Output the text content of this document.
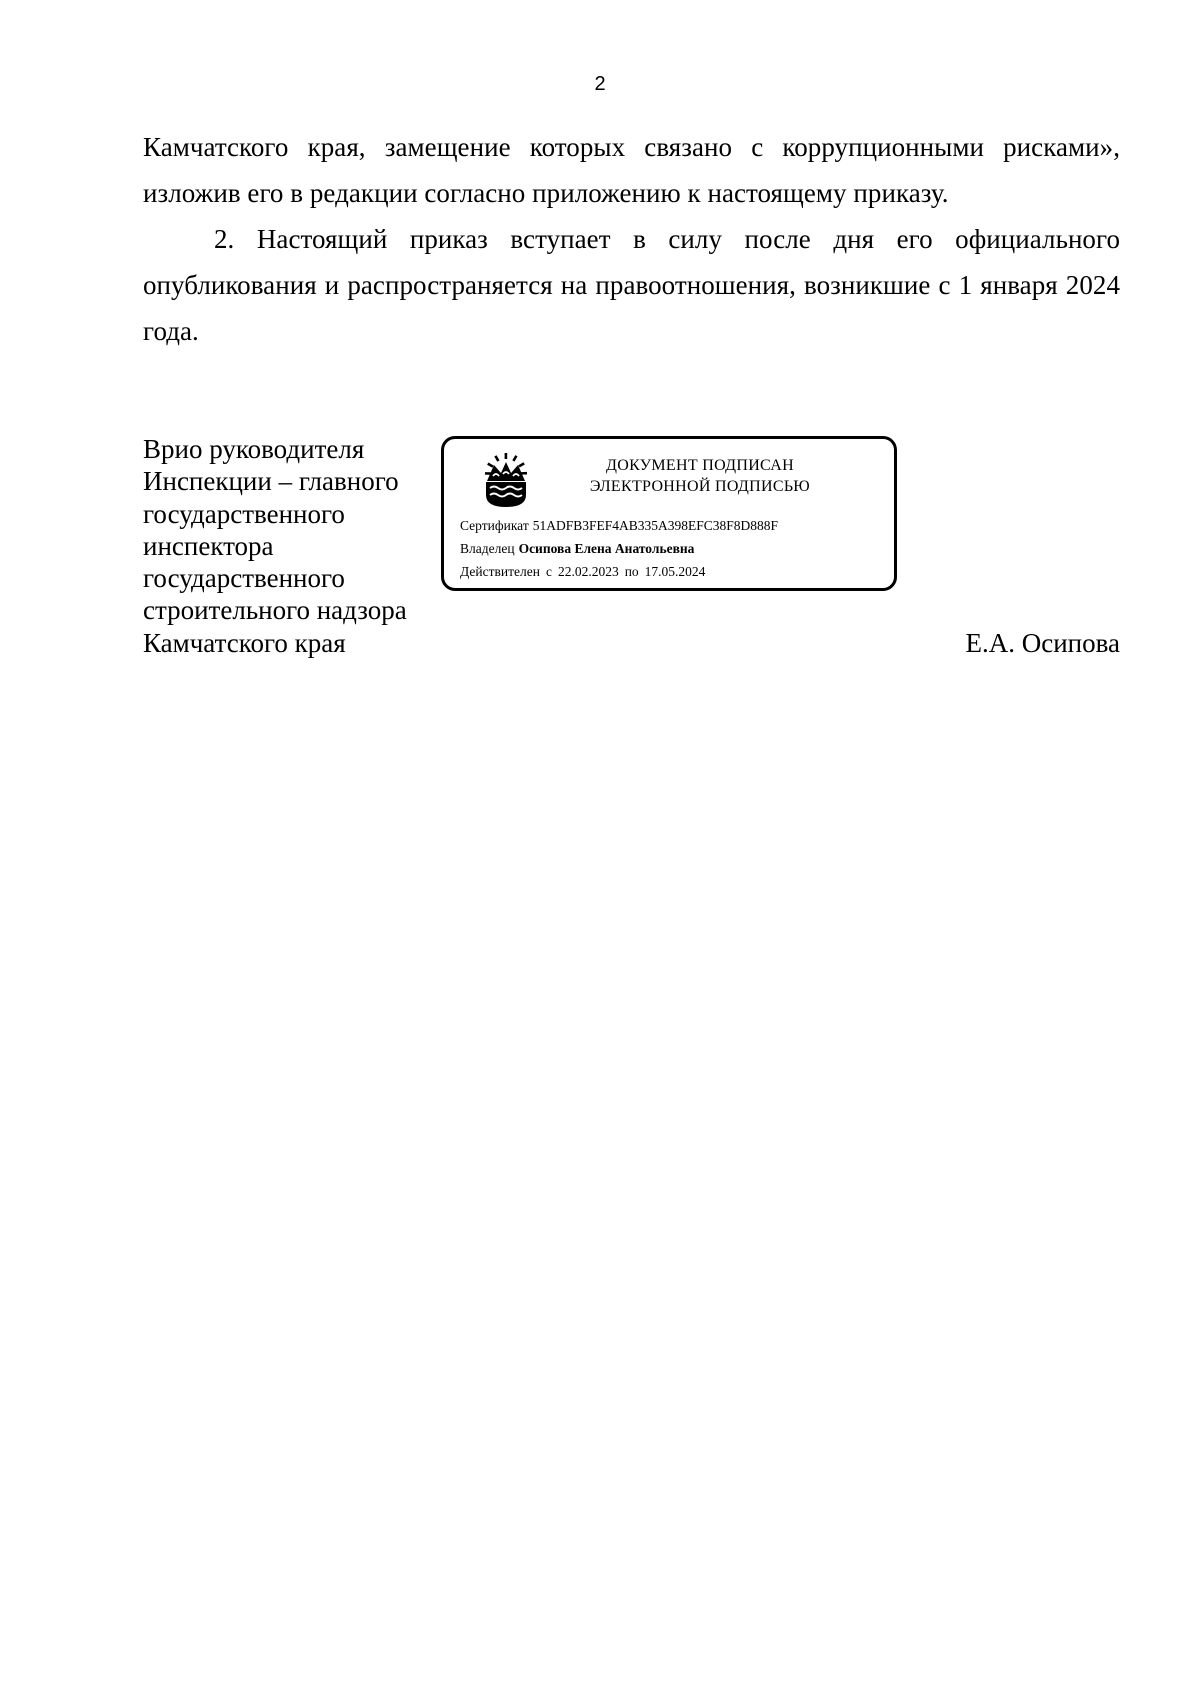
2

Камчатского края, замещение которых связано с коррупционными рисками», изложив его в редакции согласно приложению к настоящему приказу.

2. Настоящий приказ вступает в силу после дня его официального опубликования и распространяется на правоотношения, возникшие с 1 января 2024 года.

Врио руководителя
Инспекции – главного
государственного
инспектора
государственного
строительного надзора
Камчатского края
ДОКУМЕНТ ПОДПИСАН
ЭЛЕКТРОННОЙ ПОДПИСЬЮ
Сертификат 51ADFB3FEF4AB335A398EFC38F8D888F
Владелец Осипова Елена Анатольевна
Действителен с 22.02.2023 по 17.05.2024
Е.А. Осипова
